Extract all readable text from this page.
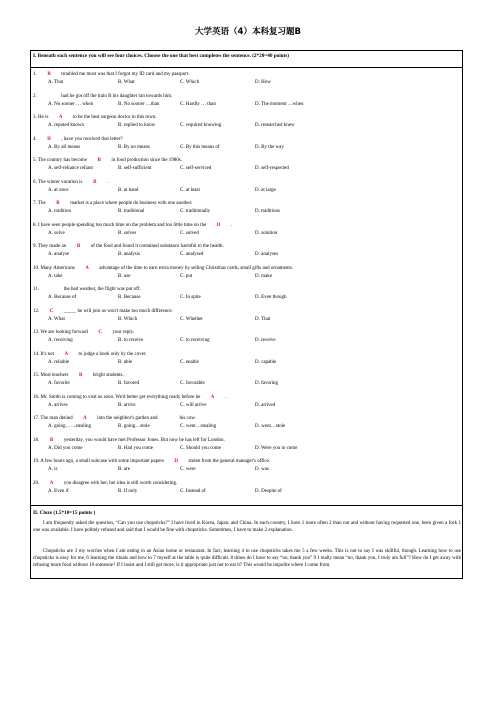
大学英语（4）本科复习题B
I. Beneath each sentence you will see four choices. Choose the one that best completes the sentence. (2*20=40 points)
1. B troubled me most was that I forgot my ID card and my passport.
A. That	B. What	C. Which	D. How
2.	had he got off the train B his daughter ran towards him.
A. No sooner … when	B. No sooner …than	C. Hardly … than	D. The moment …when
3. He is A to be the best surgeon doctor in this town.
A. reputed known	B. replied to know	C. required knowing	D. researched knew
4. D , have you received that letter?
A. By all means	B. By no means	C. By this means of	D. By the way
5. The country has become B in food production since the 1980s.
A. self-reliance reliant	B. self-sufficient	C. self-serviced	D. self-respected
6. The winter vacation is B .
A. at once	B. at hand	C. at least	D. at large
7. The B market is a place where people do business with one another.
A. tradition	B. traditional	C. traditionally	D. traditions
8. I have seen people spending too much time on the problem and too little time on the D .
A. solve	B. solves	C. solved	D. solution
9. They made an B of the food and found it contained substance harmful to the health.
A. analyse	B. analysis	C. analysed	D. analyses
10. Many Americans A advantage of the time to earn extra money by selling Christmas cards, small gifts and ornaments.
A. take	B. use	C. put	D. make
11.	the bad weather, the flight was put off.
A. Because of	B. Because	C. In spite	D. Even though
12. C _____ he will join us won't make too much difference.
A. What	B. Which	C. Whether	D. That
13. We are looking forward C your reply.
A. receiving	B. to receive	C. to receiving	D. receive
14. It's not A to judge a book only by the cover.
A. reliable	B. able	C. enable	D. capable
15. Most teachers B bright students.
A. favorite	B. favored	C. favorable	D. favoring
16. Mr. Smith is coming to visit us soon. We'd better get everything ready before he A .
A. arrives	B. arrive	C. will arrive	D. arrived
17. The man denied A into the neighbor's garden and	his cow.
A. going……stealing	B. going…stole	C. went…stealing	D. went…stole
18. B yesterday, you would have met Professor Jones. But now he has left for London.
A. Did you come	B. Had you come	C. Should you come	D. Were you to come
19. A few hours ago, a small suitcase with some important papers D stolen from the general manager's office.
A. is	B. are	C. were	D. was
20. A you disagree with her, her idea is still worth considering.
A. Even if	B. If only	C. Instead of	D. Despite of
II. Cloze (1.5*10=15 points )
I am frequently asked the question, “Can you use chopsticks?” I have lived in Korea, Japan, and China. In each country, I have 1 more often 2 than not and without having requested one, been given a fork 1 one was available. I have politely refused and said that I would be fine with chopsticks. Sometimes, I have to make 2 explanation.
Chopsticks are 3 my worries when I am eating in an Asian home or restaurant. In fact, learning 4 to use chopsticks takes me 5 a few weeks. This is not to say I was skillful, though. Learning how to use chopsticks is easy for me, 6 learning the rituals and how to 7 myself at the table is quite difficult. 8 times do I have to say “no, thank you” 9 I really mean “no, thank you, I truly am full”? How do I get away with refusing more food without 10 someone? If I insist and I still get more, is it appropriate just not to eat it? This would be impolite where I come from.
